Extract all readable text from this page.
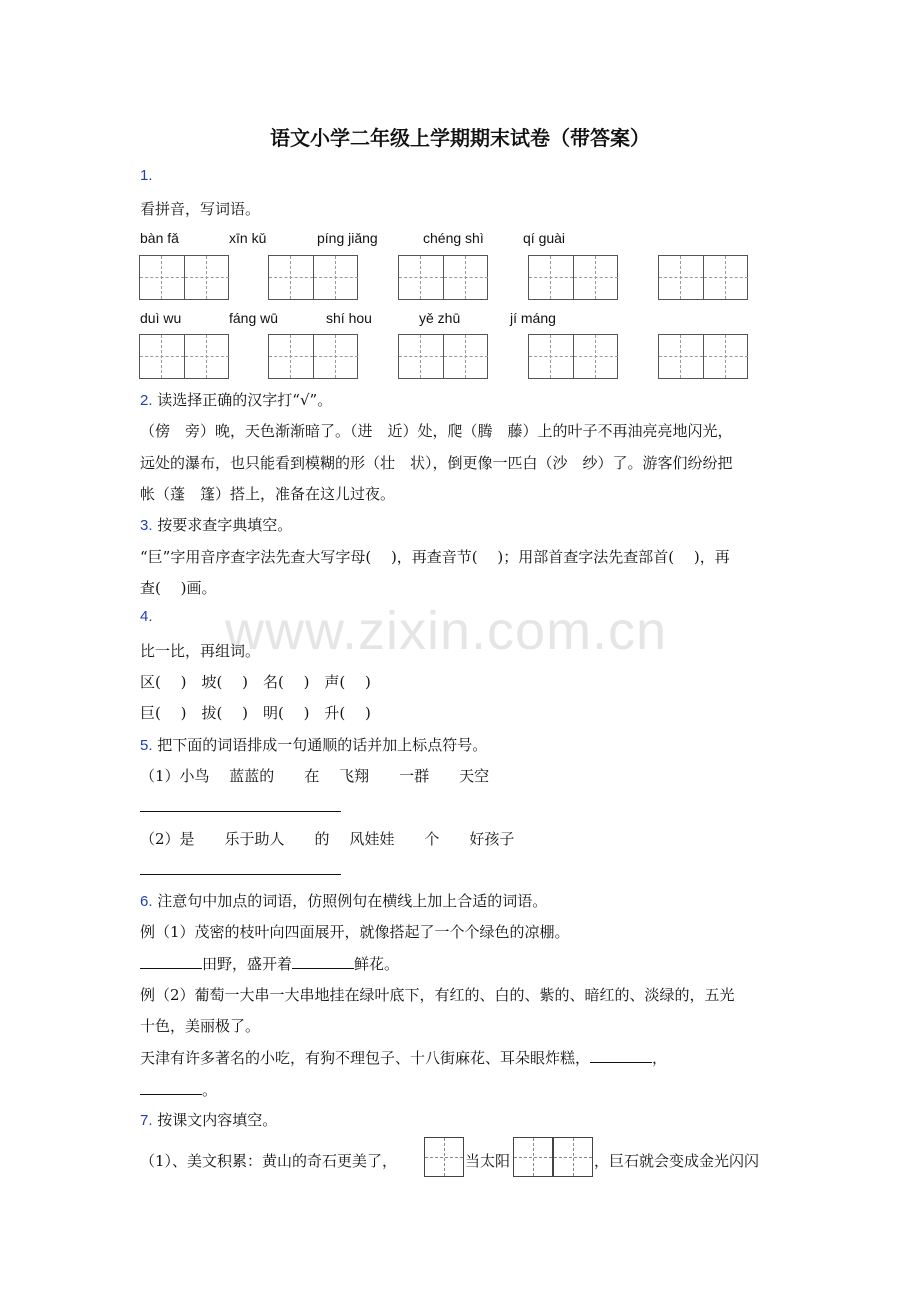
语文小学二年级上学期期末试卷（带答案）
www.zixin.com.cn
1.
看拼音，写词语。
bàn fǎ	xīn kǔ	píng jiǎng	chéng shì	qí guài
duì wu	fáng wū	shí hou	yě zhū	jí máng
2. 读选择正确的汉字打“√”。
（傍　旁）晚，天色渐渐暗了。（进　近）处，爬（腾　藤）上的叶子不再油亮亮地闪光，
远处的瀑布，也只能看到模糊的形（壮　状），倒更像一匹白（沙　纱）了。游客们纷纷把
帐（蓬　篷）搭上，准备在这儿过夜。
3. 按要求查字典填空。
“巨”字用音序查字法先查大写字母(　 )，再查音节(　 )；用部首查字法先查部首(　 )，再
查(　 )画。
4.
比一比，再组词。
区(　 )　坡(　 )　名(　 )　声(　 )
巨(　 )　拔(　 )　明(　 )　升(　 )
5. 把下面的词语排成一句通顺的话并加上标点符号。
（1）小鸟　 蓝蓝的　　在　 飞翔　　一群　　天空
（2）是　　乐于助人　　的　 风娃娃　　个　　好孩子
6. 注意句中加点的词语，仿照例句在横线上加上合适的词语。
例（1）茂密的枝叶向四面展开，就像搭起了一个个绿色的凉棚。
田野，盛开着	鲜花。
例（2）葡萄一大串一大串地挂在绿叶底下，有红的、白的、紫的、暗红的、淡绿的，五光
十色，美丽极了。
天津有许多著名的小吃，有狗不理包子、十八街麻花、耳朵眼炸糕，	，
。
7. 按课文内容填空。
（1）、美文积累：黄山的奇石更美了，	当太阳	，巨石就会变成金光闪闪
